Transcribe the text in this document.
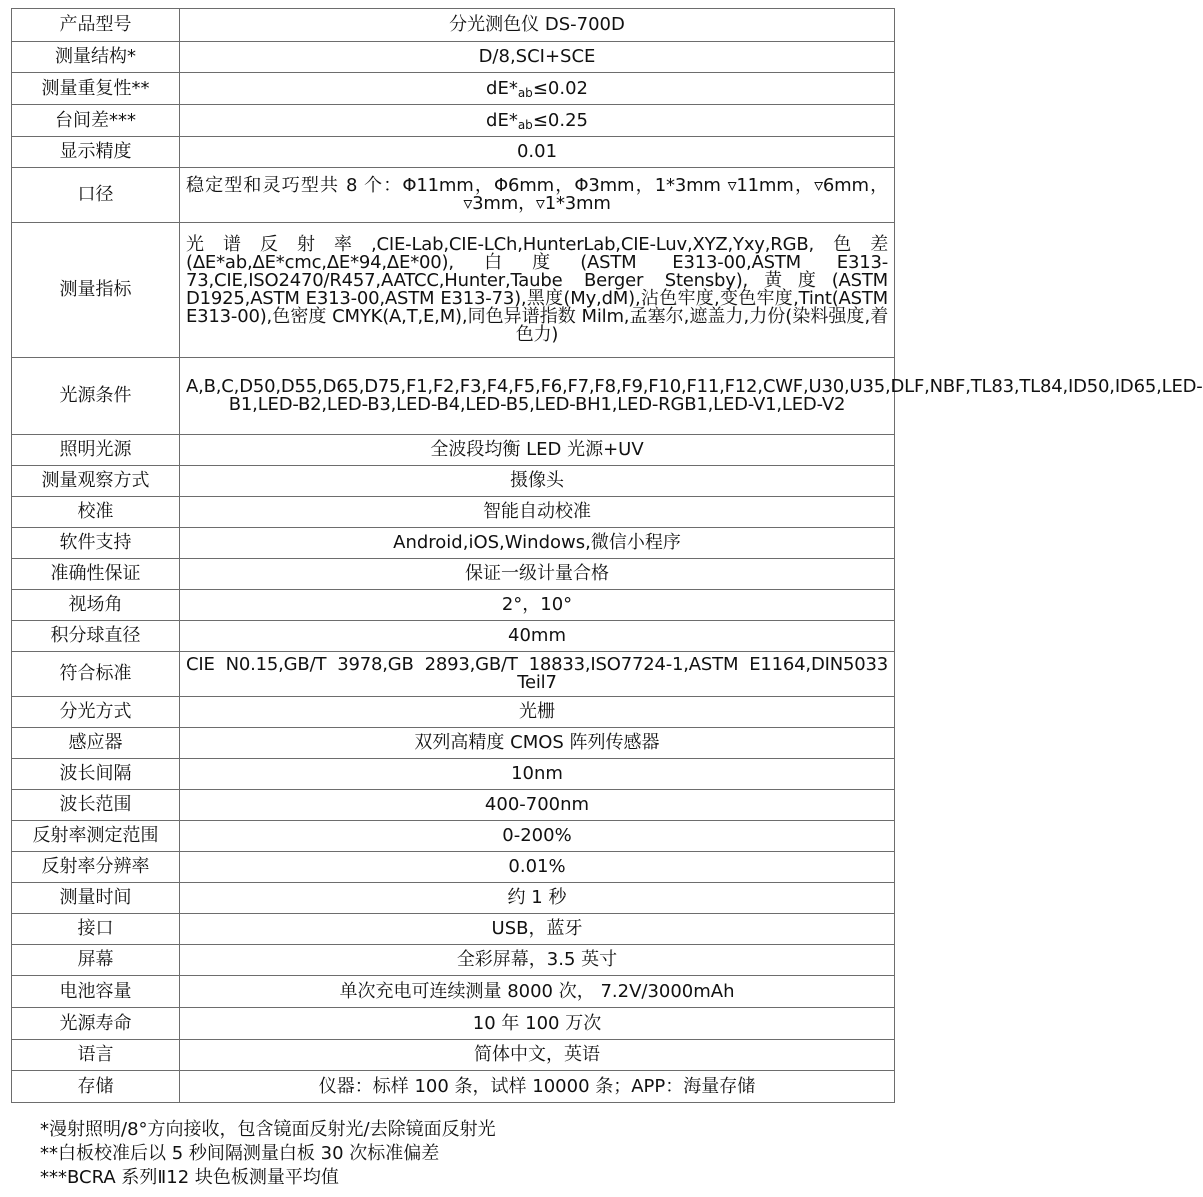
产品型号	分光测色仪 DS-700D
测量结构*	D/8,SCI+SCE
测量重复性**	$dE*_{ab}\le 0.02$
台间差***	$dE*_{ab}\le 0.25$
显示精度	0.01
口径	稳定型和灵巧型共 8 个：Φ11mm，Φ6mm，Φ3mm，1*3mm ▿11mm，▿6mm，▿3mm，▿1*3mm
测量指标	光谱反射率,CIE-Lab,CIE-LCh,HunterLab,CIE-Luv,XYZ,Yxy,RGB,色差(ΔE*ab,ΔE*cmc,ΔE*94,ΔE*00),白度(ASTM E313-00,ASTM E313-73,CIE,ISO2470/R457,AATCC,Hunter,Taube Berger Stensby),黄度(ASTM D1925,ASTM E313-00,ASTM E313-73),黑度(My,dM),沾色牢度,变色牢度,Tint(ASTM E313-00),色密度 CMYK(A,T,E,M),同色异谱指数 Milm,孟塞尔,遮盖力,力份(染料强度,着色力)
光源条件	A,B,C,D50,D55,D65,D75,F1,F2,F3,F4,F5,F6,F7,F8,F9,F10,F11,F12,CWF,U30,U35,DLF,NBF,TL83,TL84,ID50,ID65,LED-B1,LED-B2,LED-B3,LED-B4,LED-B5,LED-BH1,LED-RGB1,LED-V1,LED-V2
照明光源	全波段均衡 LED 光源+UV
测量观察方式	摄像头
校准	智能自动校准
软件支持	Android,iOS,Windows,微信小程序
准确性保证	保证一级计量合格
视场角	2°，10°
积分球直径	40mm
符合标准	CIE N0.15,GB/T 3978,GB 2893,GB/T 18833,ISO7724-1,ASTM E1164,DIN5033 Teil7
分光方式	光栅
感应器	双列高精度 CMOS 阵列传感器
波长间隔	10nm
波长范围	400-700nm
反射率测定范围	0-200%
反射率分辨率	0.01%
测量时间	约 1 秒
接口	USB，蓝牙
屏幕	全彩屏幕，3.5 英寸
电池容量	单次充电可连续测量 8000 次， 7.2V/3000mAh
光源寿命	10 年 100 万次
语言	简体中文，英语
存储	仪器：标样 100 条，试样 10000 条；APP：海量存储

*漫射照明/8°方向接收，包含镜面反射光/去除镜面反射光

**白板校准后以 5 秒间隔测量白板 30 次标准偏差

***BCRA 系列Ⅱ12 块色板测量平均值
